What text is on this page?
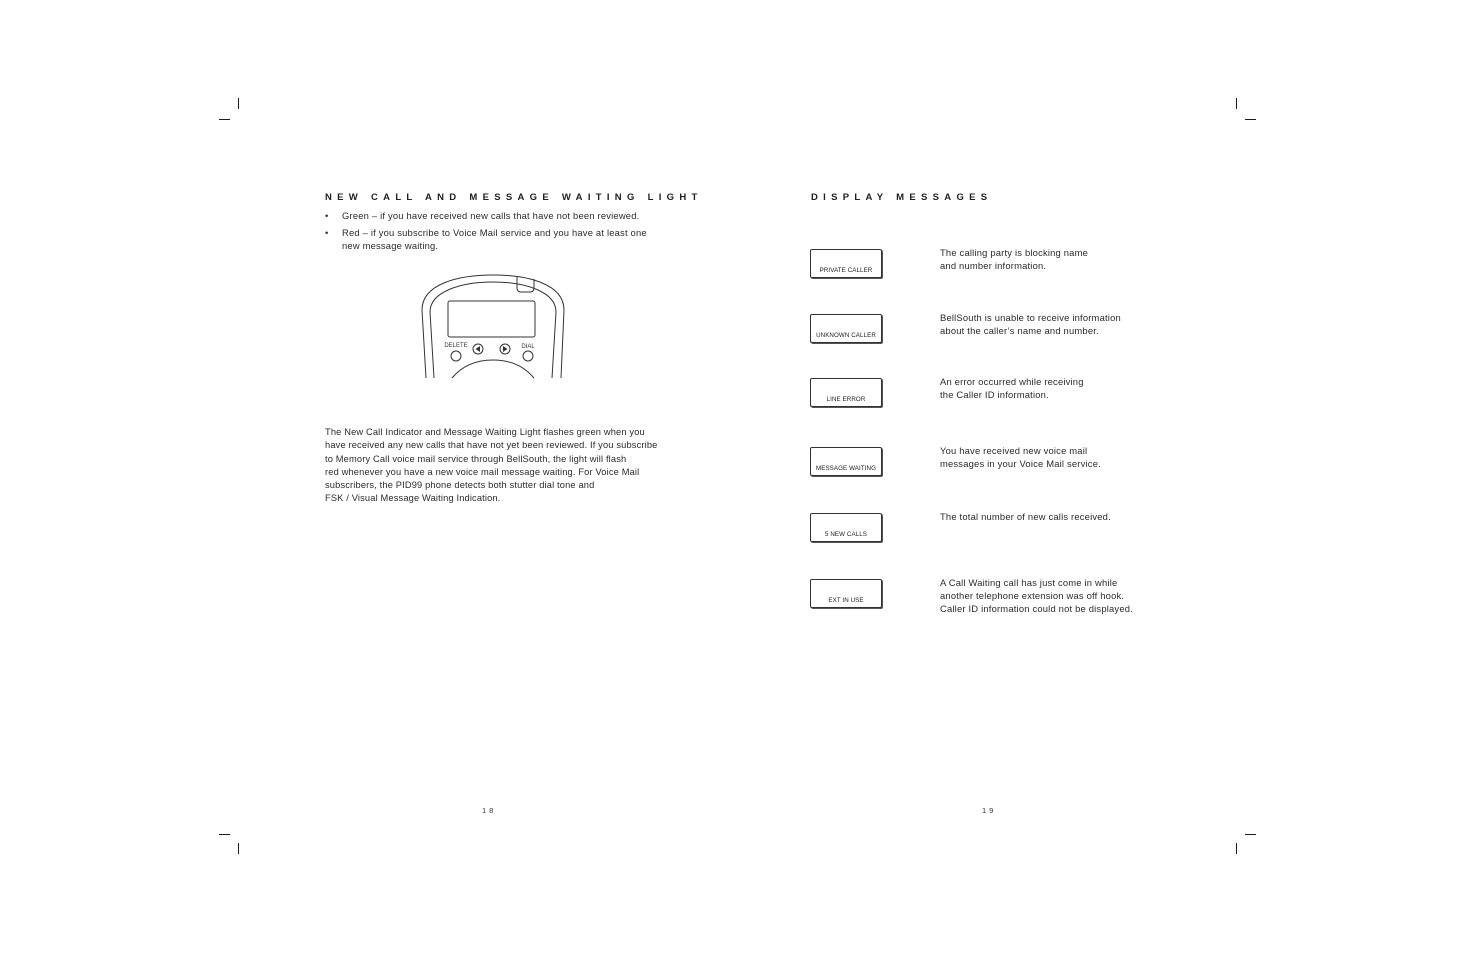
NEW CALL AND MESSAGE WAITING LIGHT
• Green – if you have received new calls that have not been reviewed.
• Red – if you subscribe to Voice Mail service and you have at least one
new message waiting.
DELETE	DIAL
The New Call Indicator and Message Waiting Light flashes green when you
have received any new calls that have not yet been reviewed. If you subscribe
to Memory Call voice mail service through BellSouth, the light will flash
red whenever you have a new voice mail message waiting. For Voice Mail
subscribers, the PID99 phone detects both stutter dial tone and
FSK / Visual Message Waiting Indication.
18
DISPLAY MESSAGES
PRIVATE CALLER
The calling party is blocking name
and number information.
UNKNOWN CALLER
BellSouth is unable to receive information
about the caller’s name and number.
LINE ERROR
An error occurred while receiving
the Caller ID information.
MESSAGE WAITING
You have received new voice mail
messages in your Voice Mail service.
5 NEW CALLS
The total number of new calls received.
EXT IN USE
A Call Waiting call has just come in while
another telephone extension was off hook.
Caller ID information could not be displayed.
19
